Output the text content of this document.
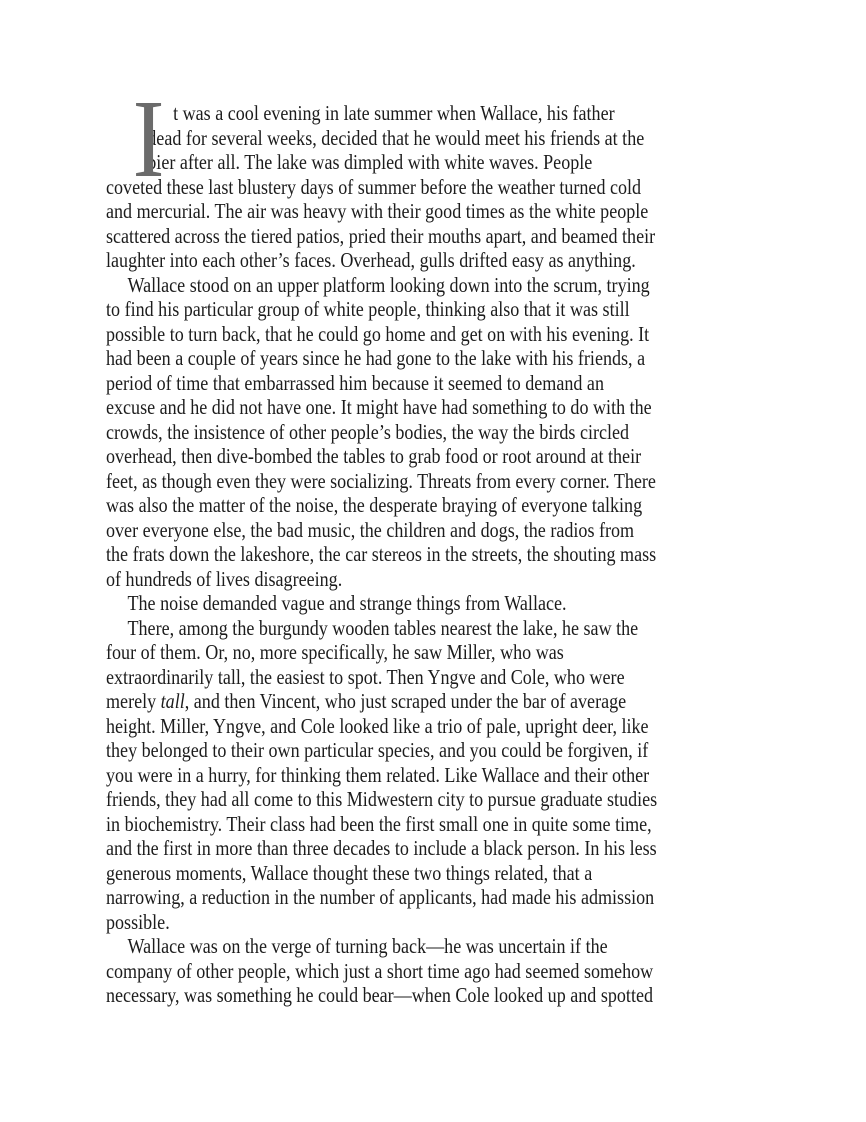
I t was a cool evening in late summer when Wallace, his father
dead for several weeks, decided that he would meet his friends at the
pier after all. The lake was dimpled with white waves. People
coveted these last blustery days of summer before the weather turned cold
and mercurial. The air was heavy with their good times as the white people
scattered across the tiered patios, pried their mouths apart, and beamed their
laughter into each other’s faces. Overhead, gulls drifted easy as anything.
Wallace stood on an upper platform looking down into the scrum, trying
to find his particular group of white people, thinking also that it was still
possible to turn back, that he could go home and get on with his evening. It
had been a couple of years since he had gone to the lake with his friends, a
period of time that embarrassed him because it seemed to demand an
excuse and he did not have one. It might have had something to do with the
crowds, the insistence of other people’s bodies, the way the birds circled
overhead, then dive-bombed the tables to grab food or root around at their
feet, as though even they were socializing. Threats from every corner. There
was also the matter of the noise, the desperate braying of everyone talking
over everyone else, the bad music, the children and dogs, the radios from
the frats down the lakeshore, the car stereos in the streets, the shouting mass
of hundreds of lives disagreeing.
The noise demanded vague and strange things from Wallace.
There, among the burgundy wooden tables nearest the lake, he saw the
four of them. Or, no, more specifically, he saw Miller, who was
extraordinarily tall, the easiest to spot. Then Yngve and Cole, who were
merely tall, and then Vincent, who just scraped under the bar of average
height. Miller, Yngve, and Cole looked like a trio of pale, upright deer, like
they belonged to their own particular species, and you could be forgiven, if
you were in a hurry, for thinking them related. Like Wallace and their other
friends, they had all come to this Midwestern city to pursue graduate studies
in biochemistry. Their class had been the first small one in quite some time,
and the first in more than three decades to include a black person. In his less
generous moments, Wallace thought these two things related, that a
narrowing, a reduction in the number of applicants, had made his admission
possible.
Wallace was on the verge of turning back—he was uncertain if the
company of other people, which just a short time ago had seemed somehow
necessary, was something he could bear—when Cole looked up and spotted
